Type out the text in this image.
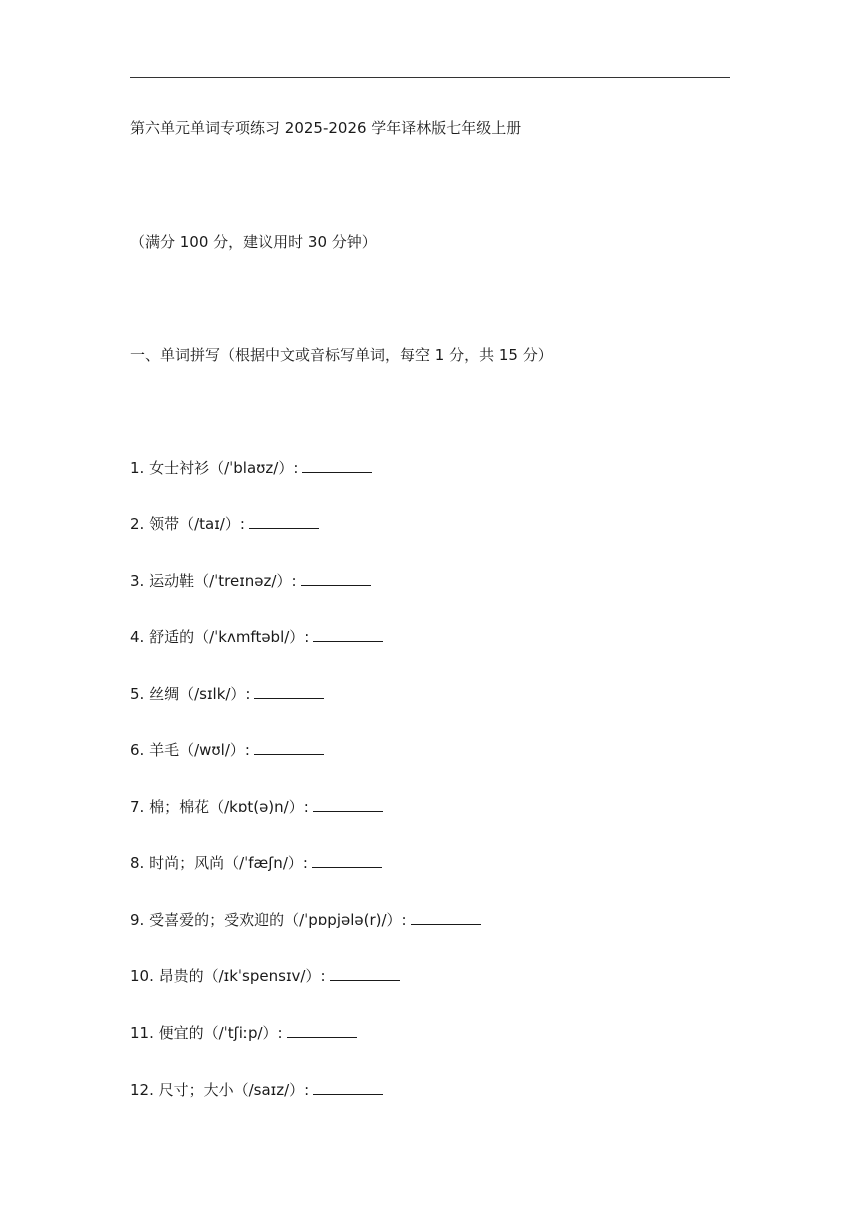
第六单元单词专项练习 2025-2026 学年译林版七年级上册
（满分 100 分，建议用时 30 分钟）
一、单词拼写（根据中文或音标写单词，每空 1 分，共 15 分）
1. 女士衬衫（/ˈblaʊz/）:
2. 领带（/taɪ/）:
3. 运动鞋（/ˈtreɪnəz/）:
4. 舒适的（/ˈkʌmftəbl/）:
5. 丝绸（/sɪlk/）:
6. 羊毛（/wʊl/）:
7. 棉；棉花（/kɒt(ə)n/）:
8. 时尚；风尚（/ˈfæʃn/）:
9. 受喜爱的；受欢迎的（/ˈpɒpjələ(r)/）:
10. 昂贵的（/ɪkˈspensɪv/）:
11. 便宜的（/ˈtʃiːp/）:
12. 尺寸；大小（/saɪz/）:
